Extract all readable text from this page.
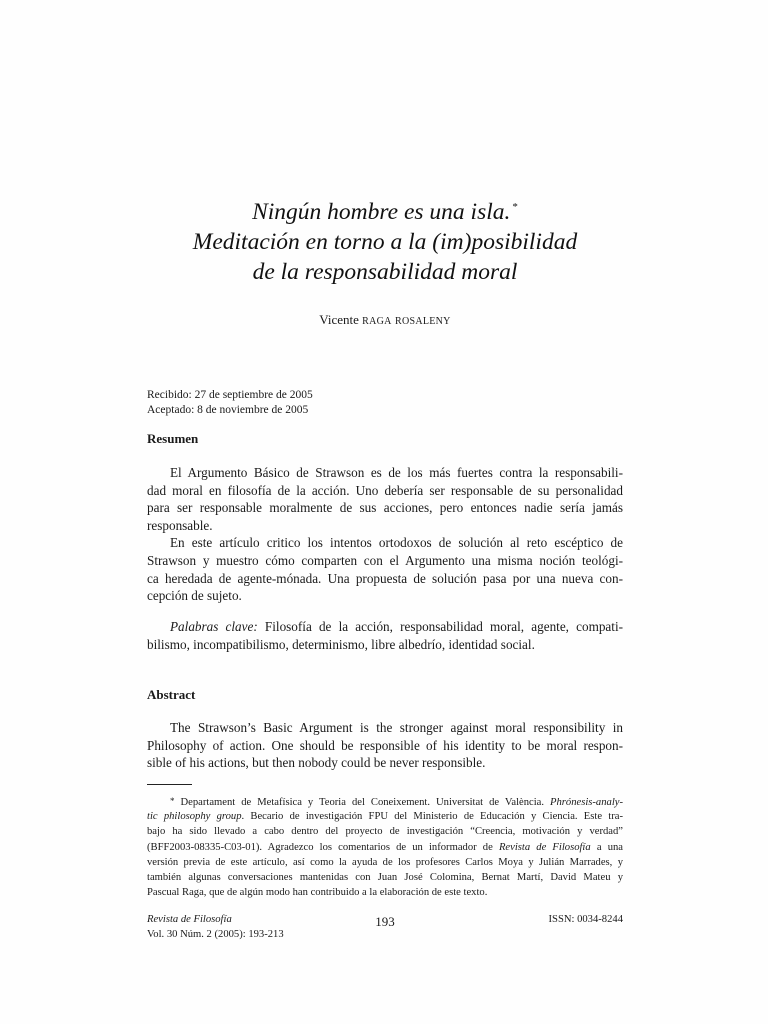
Ningún hombre es una isla. *
Meditación en torno a la (im)posibilidad
de la responsabilidad moral
Vicente RAGA ROSALENY
Recibido: 27 de septiembre de 2005
Aceptado: 8 de noviembre de 2005
Resumen
El Argumento Básico de Strawson es de los más fuertes contra la responsabili-
dad moral en filosofía de la acción. Uno debería ser responsable de su personalidad
para ser responsable moralmente de sus acciones, pero entonces nadie sería jamás
responsable.
En este artículo critico los intentos ortodoxos de solución al reto escéptico de
Strawson y muestro cómo comparten con el Argumento una misma noción teológi-
ca heredada de agente-mónada. Una propuesta de solución pasa por una nueva con-
cepción de sujeto.
Palabras clave: Filosofía de la acción, responsabilidad moral, agente, compati-
bilismo, incompatibilismo, determinismo, libre albedrío, identidad social.
Abstract
The Strawson’s Basic Argument is the stronger against moral responsibility in
Philosophy of action. One should be responsible of his identity to be moral respon-
sible of his actions, but then nobody could be never responsible.
* Departament de Metafísica y Teoria del Coneixement. Universitat de València. Phrónesis-analy-
tic philosophy group. Becario de investigación FPU del Ministerio de Educación y Ciencia. Este tra-
bajo ha sido llevado a cabo dentro del proyecto de investigación “Creencia, motivación y verdad”
(BFF2003-08335-C03-01). Agradezco los comentarios de un informador de Revista de Filosofía a una
versión previa de este artículo, así como la ayuda de los profesores Carlos Moya y Julián Marrades, y
también algunas conversaciones mantenidas con Juan José Colomina, Bernat Martí, David Mateu y
Pascual Raga, que de algún modo han contribuido a la elaboración de este texto.
Revista de Filosofía
Vol. 30 Núm. 2 (2005): 193-213
193	ISSN: 0034-8244
